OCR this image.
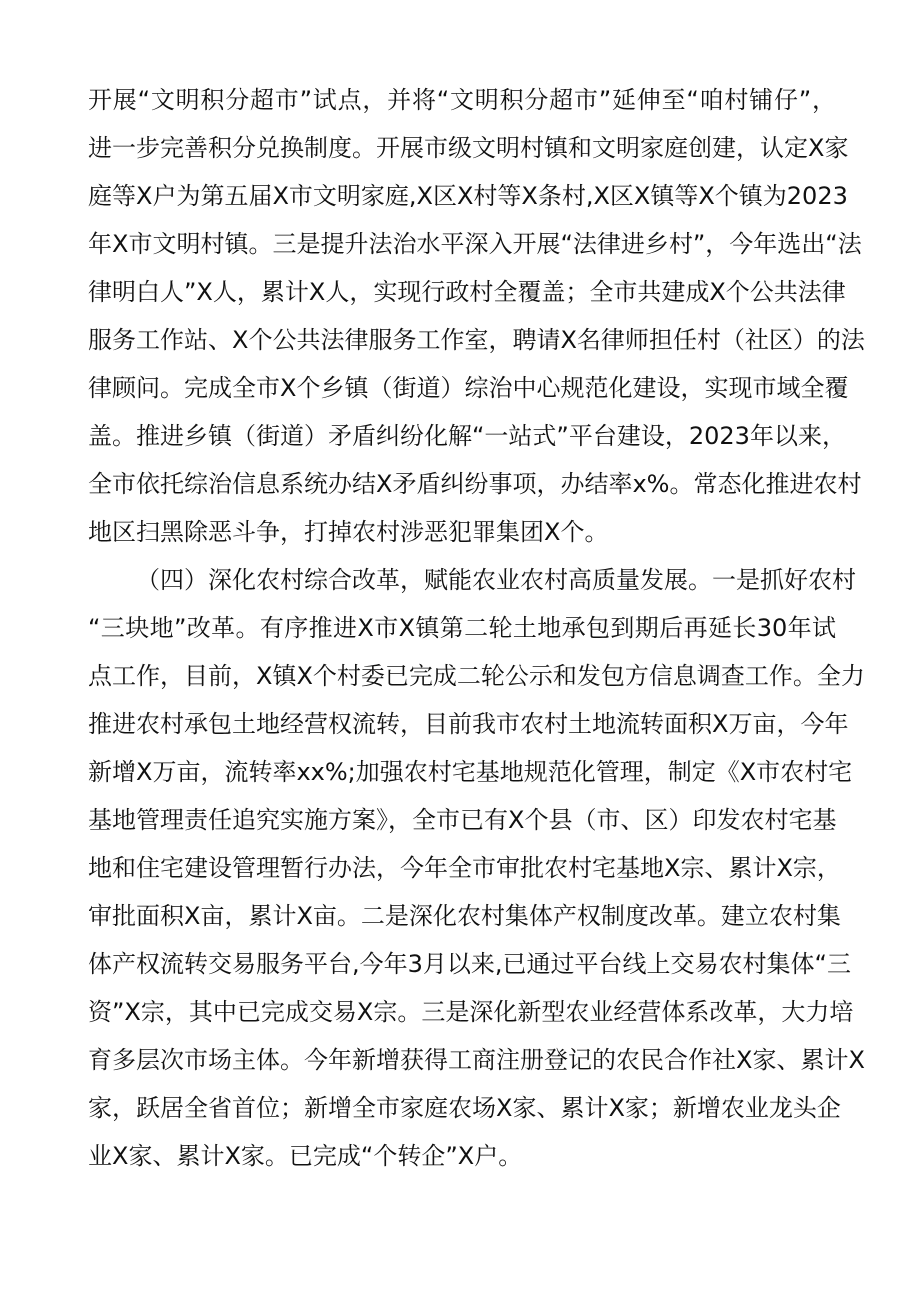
开展“文明积分超市”试点，并将“文明积分超市”延伸至“咱村铺仔”，
进一步完善积分兑换制度。开展市级文明村镇和文明家庭创建，认定X家
庭等X户为第五届X市文明家庭,X区X村等X条村,X区X镇等X个镇为2023
年X市文明村镇。三是提升法治水平深入开展“法律进乡村”，今年选出“法
律明白人”X人，累计X人，实现行政村全覆盖；全市共建成X个公共法律
服务工作站、X个公共法律服务工作室，聘请X名律师担任村（社区）的法
律顾问。完成全市X个乡镇（街道）综治中心规范化建设，实现市域全覆
盖。推进乡镇（街道）矛盾纠纷化解“一站式”平台建设，2023年以来，
全市依托综治信息系统办结X矛盾纠纷事项，办结率x%。常态化推进农村
地区扫黑除恶斗争，打掉农村涉恶犯罪集团X个。
（四）深化农村综合改革，赋能农业农村高质量发展。一是抓好农村
“三块地”改革。有序推进X市X镇第二轮土地承包到期后再延长30年试
点工作，目前，X镇X个村委已完成二轮公示和发包方信息调查工作。全力
推进农村承包土地经营权流转，目前我市农村土地流转面积X万亩，今年
新增X万亩，流转率xx%;加强农村宅基地规范化管理，制定《X市农村宅
基地管理责任追究实施方案》，全市已有X个县（市、区）印发农村宅基
地和住宅建设管理暂行办法，今年全市审批农村宅基地X宗、累计X宗，
审批面积X亩，累计X亩。二是深化农村集体产权制度改革。建立农村集
体产权流转交易服务平台,今年3月以来,已通过平台线上交易农村集体“三
资”X宗，其中已完成交易X宗。三是深化新型农业经营体系改革，大力培
育多层次市场主体。今年新增获得工商注册登记的农民合作社X家、累计X
家，跃居全省首位；新增全市家庭农场X家、累计X家；新增农业龙头企
业X家、累计X家。已完成“个转企”X户。
